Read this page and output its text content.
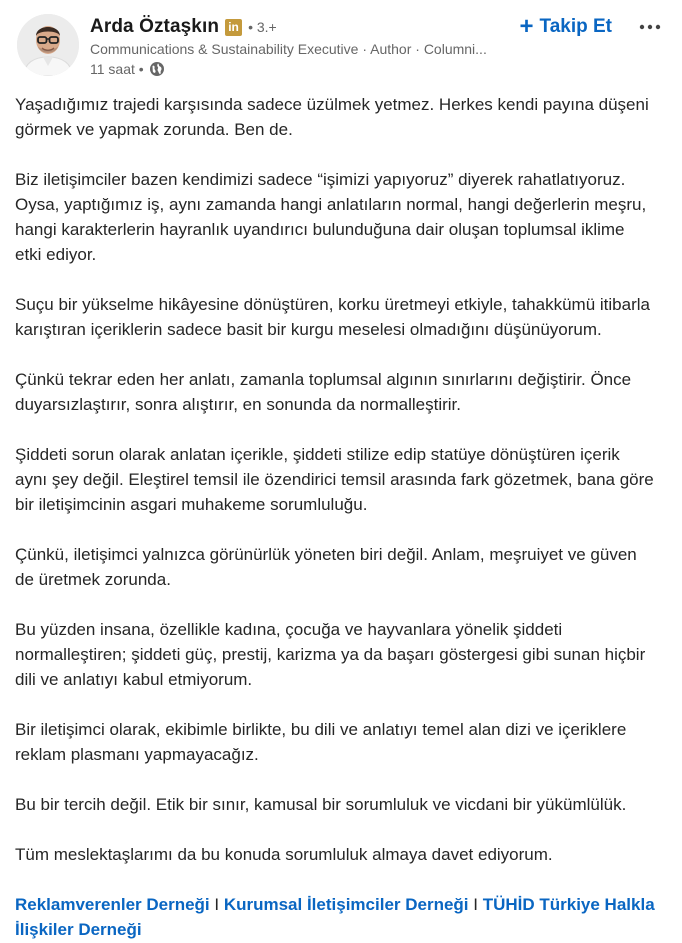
Arda Öztaşkın in • 3.+
Communications & Sustainability Executive · Author · Columni...
11 saat •
+ Takip Et

Yaşadığımız trajedi karşısında sadece üzülmek yetmez. Herkes kendi payına düşeni görmek ve yapmak zorunda. Ben de.

Biz iletişimciler bazen kendimizi sadece “işimizi yapıyoruz” diyerek rahatlatıyoruz. Oysa, yaptığımız iş, aynı zamanda hangi anlatıların normal, hangi değerlerin meşru, hangi karakterlerin hayranlık uyandırıcı bulunduğuna dair oluşan toplumsal iklime etki ediyor.

Suçu bir yükselme hikâyesine dönüştüren, korku üretmeyi etkiyle, tahakkümü itibarla karıştıran içeriklerin sadece basit bir kurgu meselesi olmadığını düşünüyorum.

Çünkü tekrar eden her anlatı, zamanla toplumsal algının sınırlarını değiştirir. Önce duyarsızlaştırır, sonra alıştırır, en sonunda da normalleştirir.

Şiddeti sorun olarak anlatan içerikle, şiddeti stilize edip statüye dönüştüren içerik aynı şey değil. Eleştirel temsil ile özendirici temsil arasında fark gözetmek, bana göre bir iletişimcinin asgari muhakeme sorumluluğu.

Çünkü, iletişimci yalnızca görünürlük yöneten biri değil. Anlam, meşruiyet ve güven de üretmek zorunda.

Bu yüzden insana, özellikle kadına, çocuğa ve hayvanlara yönelik şiddeti normalleştiren; şiddeti güç, prestij, karizma ya da başarı göstergesi gibi sunan hiçbir dili ve anlatıyı kabul etmiyorum.

Bir iletişimci olarak, ekibimle birlikte, bu dili ve anlatıyı temel alan dizi ve içeriklere reklam plasmanı yapmayacağız.

Bu bir tercih değil. Etik bir sınır, kamusal bir sorumluluk ve vicdani bir yükümlülük.

Tüm meslektaşlarımı da bu konuda sorumluluk almaya davet ediyorum.

Reklamverenler Derneği I Kurumsal İletişimciler Derneği I TÜHİD Türkiye Halkla İlişkiler Derneği
